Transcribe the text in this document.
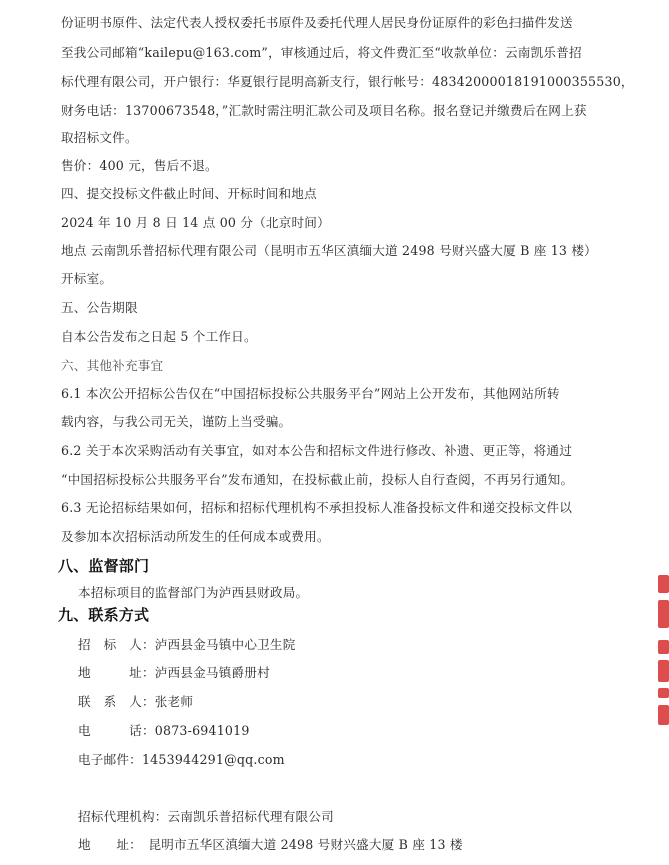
份证明书原件、法定代表人授权委托书原件及委托代理人居民身份证原件的彩色扫描件发送
至我公司邮箱“kailepu@163.com”，审核通过后，将文件费汇至“收款单位：云南凯乐普招
标代理有限公司，开户银行：华夏银行昆明高新支行，银行帐号：48342000018191000355530，
财务电话：13700673548，”汇款时需注明汇款公司及项目名称。报名登记并缴费后在网上获
取招标文件。
售价：400 元，售后不退。
四、提交投标文件截止时间、开标时间和地点
2024 年 10 月 8 日 14 点 00 分（北京时间）
地点 云南凯乐普招标代理有限公司（昆明市五华区滇缅大道 2498 号财兴盛大厦 B 座 13 楼）
开标室。
五、公告期限
自本公告发布之日起 5 个工作日。
六、其他补充事宜
6.1 本次公开招标公告仅在“中国招标投标公共服务平台”网站上公开发布，其他网站所转
载内容，与我公司无关，谨防上当受骗。
6.2 关于本次采购活动有关事宜，如对本公告和招标文件进行修改、补遗、更正等，将通过
“中国招标投标公共服务平台”发布通知，在投标截止前，投标人自行查阅，不再另行通知。
6.3 无论招标结果如何，招标和招标代理机构不承担投标人准备投标文件和递交投标文件以
及参加本次招标活动所发生的任何成本或费用。
八、监督部门
本招标项目的监督部门为泸西县财政局。
九、联系方式
招　标　人：泸西县金马镇中心卫生院
地　　　址：泸西县金马镇爵册村
联　系　人：张老师
电　　　话：0873-6941019
电子邮件：1453944291@qq.com
招标代理机构：云南凯乐普招标代理有限公司
地　　址：　昆明市五华区滇缅大道 2498 号财兴盛大厦 B 座 13 楼
